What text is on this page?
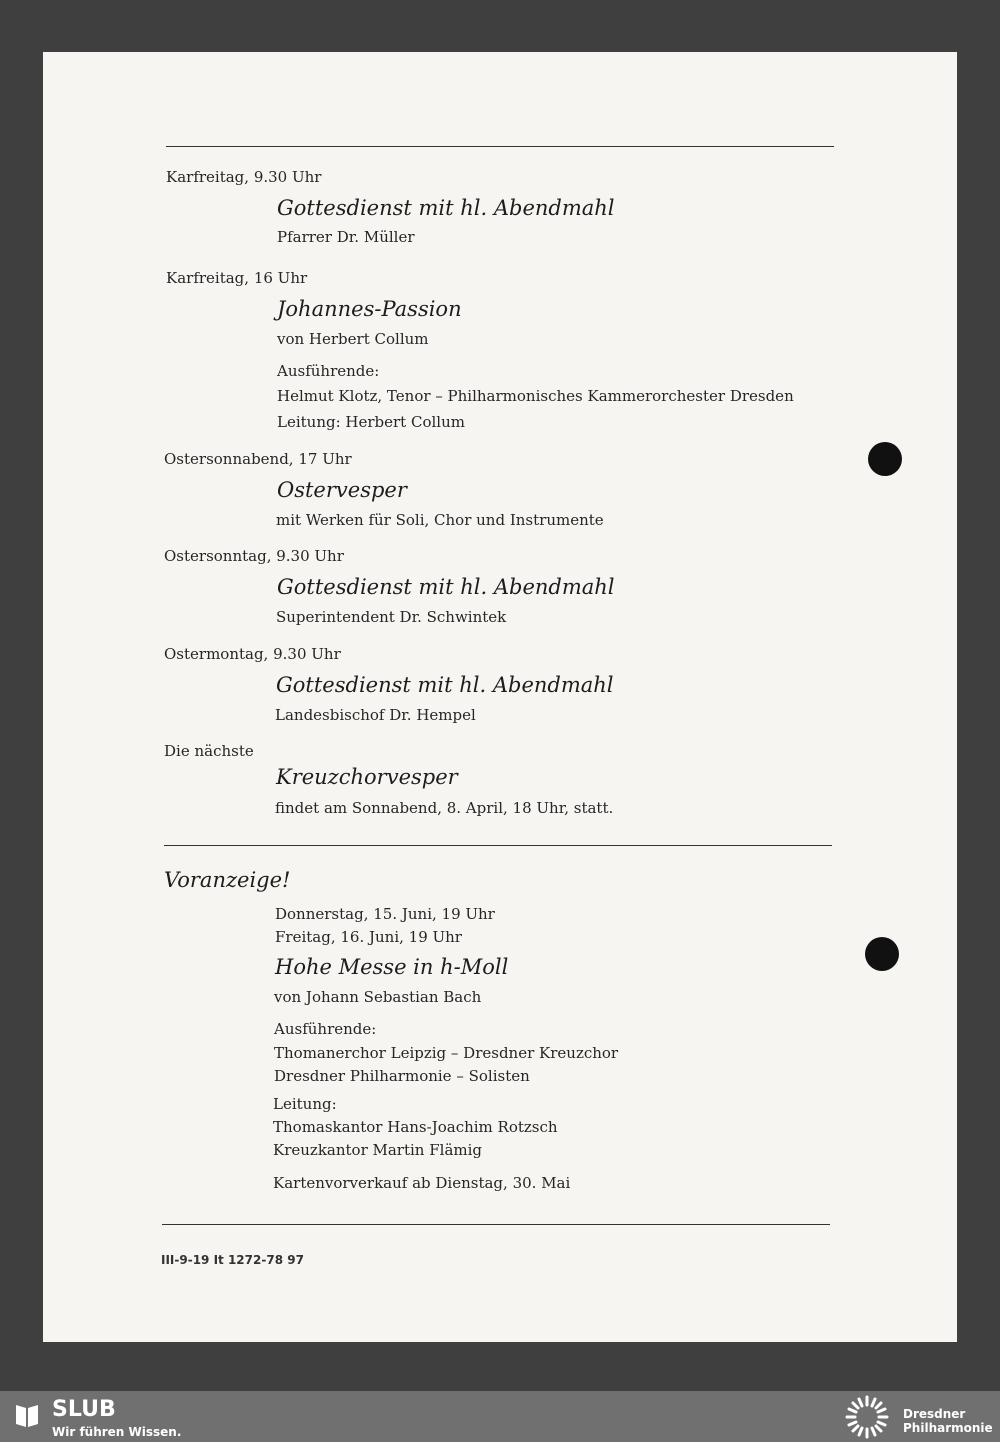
Karfreitag, 9.30 Uhr
Gottesdienst mit hl. Abendmahl
Pfarrer Dr. Müller
Karfreitag, 16 Uhr
Johannes-Passion
von Herbert Collum
Ausführende:
Helmut Klotz, Tenor – Philharmonisches Kammerorchester Dresden
Leitung: Herbert Collum
Ostersonnabend, 17 Uhr
Ostervesper
mit Werken für Soli, Chor und Instrumente
Ostersonntag, 9.30 Uhr
Gottesdienst mit hl. Abendmahl
Superintendent Dr. Schwintek
Ostermontag, 9.30 Uhr
Gottesdienst mit hl. Abendmahl
Landesbischof Dr. Hempel
Die nächste
Kreuzchorvesper
findet am Sonnabend, 8. April, 18 Uhr, statt.
Voranzeige!
Donnerstag, 15. Juni, 19 Uhr
Freitag, 16. Juni, 19 Uhr
Hohe Messe in h-Moll
von Johann Sebastian Bach
Ausführende:
Thomanerchor Leipzig – Dresdner Kreuzchor
Dresdner Philharmonie – Solisten
Leitung:
Thomaskantor Hans-Joachim Rotzsch
Kreuzkantor Martin Flämig
Kartenvorverkauf ab Dienstag, 30. Mai
III-9-19 It 1272-78 97
SLUB
Wir führen Wissen.
Dresdner
Philharmonie
